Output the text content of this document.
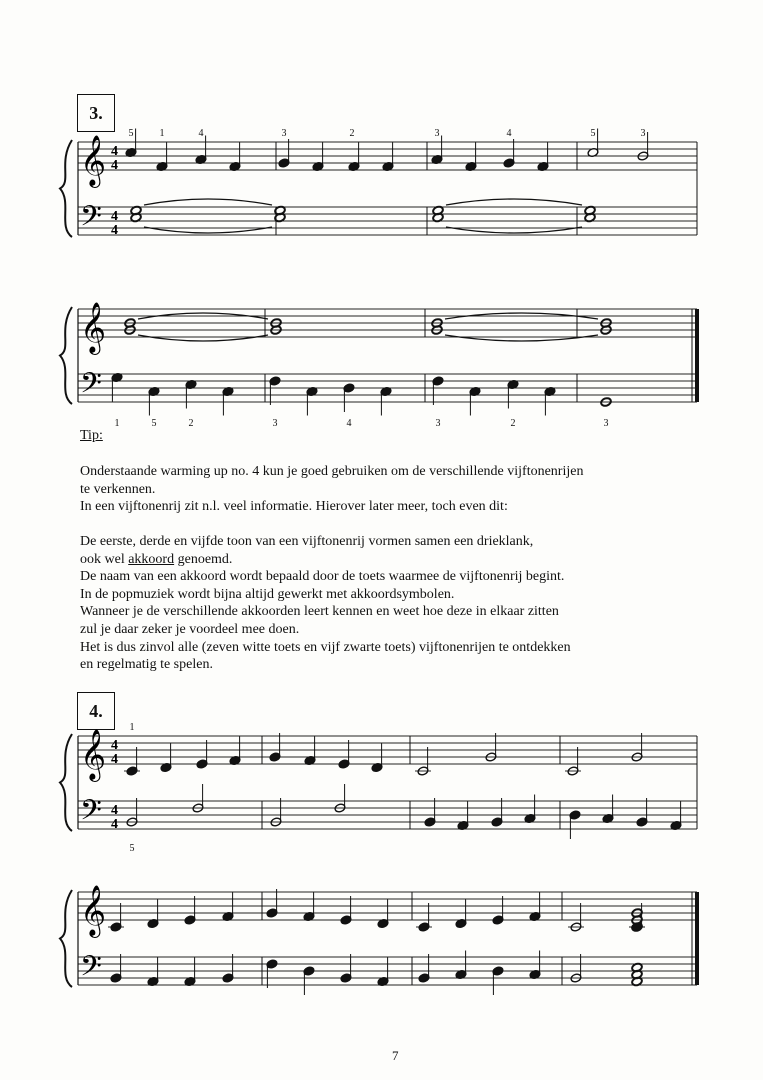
3.
𝄞
𝄢
4
4
4
4
5	1	4	3	2	3	4	5	3
𝄞
𝄢
1	5	2	3	4	3	2	3
Tip:

Onderstaande warming up no. 4 kun je goed gebruiken om de verschillende vijftonenrijen

te verkennen.

In een vijftonenrij zit n.l. veel informatie. Hierover later meer, toch even dit:

De eerste, derde en vijfde toon van een vijftonenrij vormen samen een drieklank,

ook wel akkoord genoemd.

De naam van een akkoord wordt bepaald door de toets waarmee de vijftonenrij begint.

In de popmuziek wordt bijna altijd gewerkt met akkoordsymbolen.

Wanneer je de verschillende akkoorden leert kennen en weet hoe deze in elkaar zitten

zul je daar zeker je voordeel mee doen.

Het is dus zinvol alle (zeven witte toets en vijf zwarte toets) vijftonenrijen te ontdekken

en regelmatig te spelen.

4.
𝄞
𝄢
4
4
4
4
1
5
𝄞
𝄢
7
